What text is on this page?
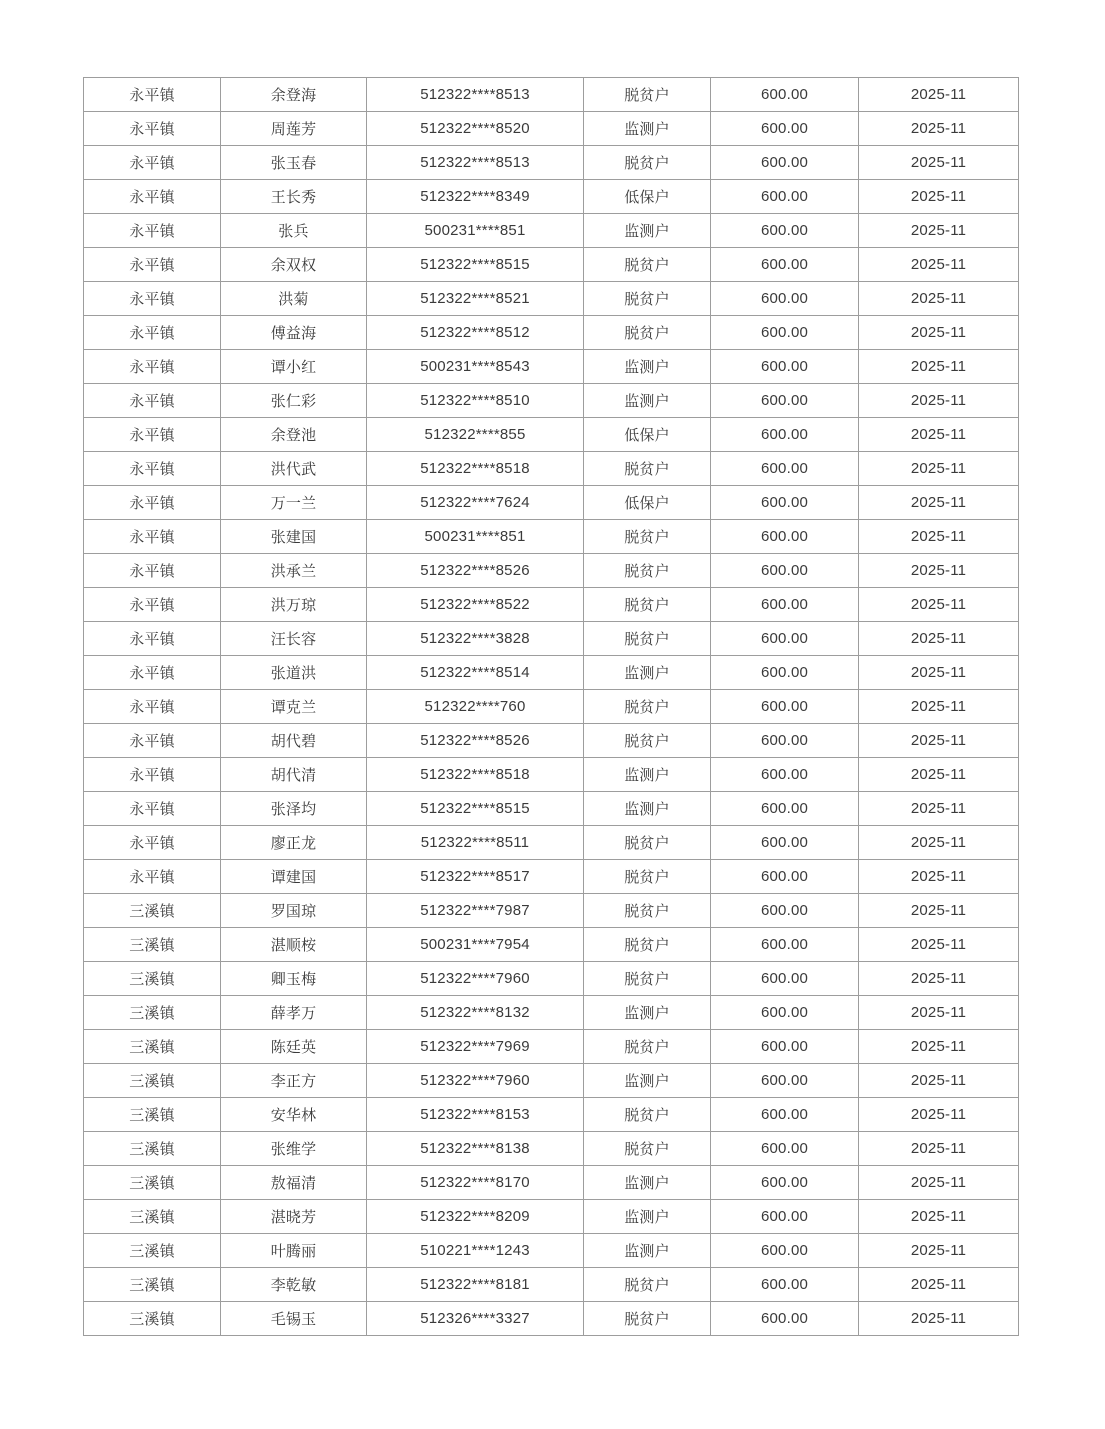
永平镇	余登海	512322****8513	脱贫户	600.00	2025-11
永平镇	周莲芳	512322****8520	监测户	600.00	2025-11
永平镇	张玉春	512322****8513	脱贫户	600.00	2025-11
永平镇	王长秀	512322****8349	低保户	600.00	2025-11
永平镇	张兵	500231****851	监测户	600.00	2025-11
永平镇	余双权	512322****8515	脱贫户	600.00	2025-11
永平镇	洪菊	512322****8521	脱贫户	600.00	2025-11
永平镇	傅益海	512322****8512	脱贫户	600.00	2025-11
永平镇	谭小红	500231****8543	监测户	600.00	2025-11
永平镇	张仁彩	512322****8510	监测户	600.00	2025-11
永平镇	余登池	512322****855	低保户	600.00	2025-11
永平镇	洪代武	512322****8518	脱贫户	600.00	2025-11
永平镇	万一兰	512322****7624	低保户	600.00	2025-11
永平镇	张建国	500231****851	脱贫户	600.00	2025-11
永平镇	洪承兰	512322****8526	脱贫户	600.00	2025-11
永平镇	洪万琼	512322****8522	脱贫户	600.00	2025-11
永平镇	汪长容	512322****3828	脱贫户	600.00	2025-11
永平镇	张道洪	512322****8514	监测户	600.00	2025-11
永平镇	谭克兰	512322****760	脱贫户	600.00	2025-11
永平镇	胡代碧	512322****8526	脱贫户	600.00	2025-11
永平镇	胡代清	512322****8518	监测户	600.00	2025-11
永平镇	张泽均	512322****8515	监测户	600.00	2025-11
永平镇	廖正龙	512322****8511	脱贫户	600.00	2025-11
永平镇	谭建国	512322****8517	脱贫户	600.00	2025-11
三溪镇	罗国琼	512322****7987	脱贫户	600.00	2025-11
三溪镇	湛顺桉	500231****7954	脱贫户	600.00	2025-11
三溪镇	卿玉梅	512322****7960	脱贫户	600.00	2025-11
三溪镇	薛孝万	512322****8132	监测户	600.00	2025-11
三溪镇	陈廷英	512322****7969	脱贫户	600.00	2025-11
三溪镇	李正方	512322****7960	监测户	600.00	2025-11
三溪镇	安华林	512322****8153	脱贫户	600.00	2025-11
三溪镇	张维学	512322****8138	脱贫户	600.00	2025-11
三溪镇	敖福清	512322****8170	监测户	600.00	2025-11
三溪镇	湛晓芳	512322****8209	监测户	600.00	2025-11
三溪镇	叶腾丽	510221****1243	监测户	600.00	2025-11
三溪镇	李乾敏	512322****8181	脱贫户	600.00	2025-11
三溪镇	毛锡玉	512326****3327	脱贫户	600.00	2025-11
